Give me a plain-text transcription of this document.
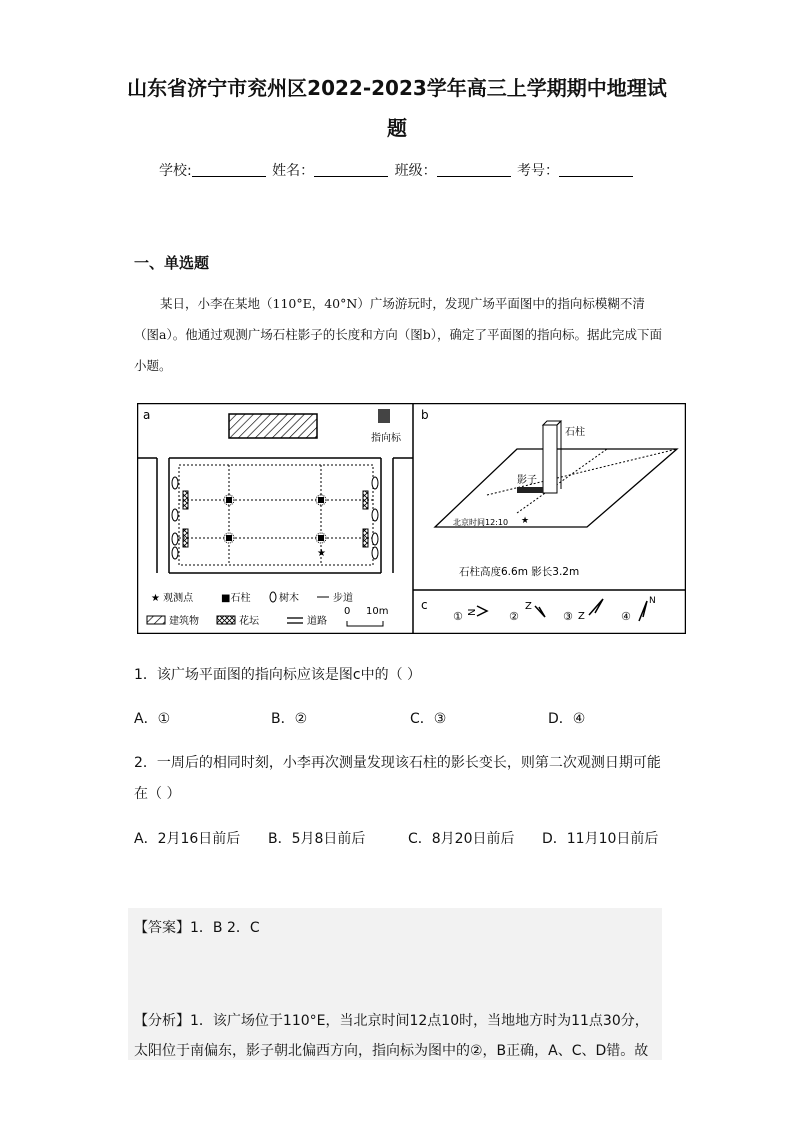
山东省济宁市兖州区2022-2023学年高三上学期期中地理试
题
学校:	姓名：	班级：	考号：
一、单选题
某日，小李在某地（110°E，40°N）广场游玩时，发现广场平面图中的指向标模糊不清（图a）。他通过观测广场石柱影子的长度和方向（图b），确定了平面图的指向标。据此完成下面小题。
a
指向标
★
★ 观测点	■石柱	树木	步道
建筑物	花坛	道路
0 10m
b
石柱
影子
北京时间12:10 ★
石柱高度6.6m 影长3.2m
c
① N	②
Z
③ Z	④
N
1．该广场平面图的指向标应该是图c中的（ ）
A．①	B．②	C．③	D．④
2．一周后的相同时刻，小李再次测量发现该石柱的影长变长，则第二次观测日期可能
在（ ）
A．2月16日前后 B．5月8日前后	C．8月20日前后 D．11月10日前后
【答案】1．B 2．C
【分析】1．该广场位于110°E，当北京时间12点10时，当地地方时为11点30分，
太阳位于南偏东，影子朝北偏西方向，指向标为图中的②，B正确，A、C、D错。故
